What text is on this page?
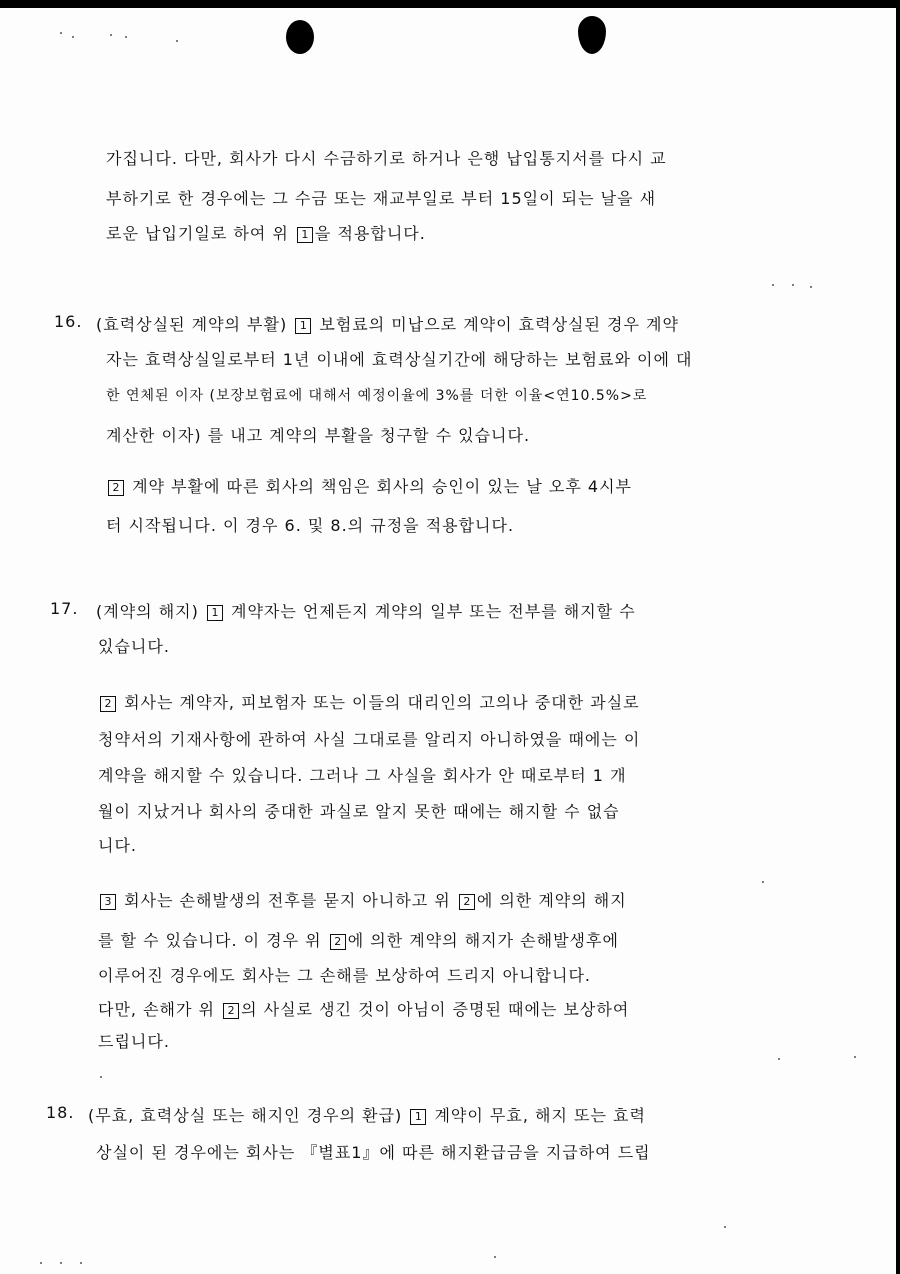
가집니다. 다만, 회사가 다시 수금하기로 하거나 은행 납입통지서를 다시 교
부하기로 한 경우에는 그 수금 또는 재교부일로 부터 15일이 되는 날을 새
로운 납입기일로 하여 위 1 을 적용합니다.
16. (효력상실된 계약의 부활) 1 보험료의 미납으로 계약이 효력상실된 경우 계약
자는 효력상실일로부터 1년 이내에 효력상실기간에 해당하는 보험료와 이에 대
한 연체된 이자 (보장보험료에 대해서 예정이율에 3%를 더한 이율<연10.5%>로
계산한 이자) 를 내고 계약의 부활을 청구할 수 있습니다.
2 계약 부활에 따른 회사의 책임은 회사의 승인이 있는 날 오후 4시부
터 시작됩니다. 이 경우 6. 및 8.의 규정을 적용합니다.
17. (계약의 해지) 1 계약자는 언제든지 계약의 일부 또는 전부를 해지할 수
있습니다.
2 회사는 계약자, 피보험자 또는 이들의 대리인의 고의나 중대한 과실로
청약서의 기재사항에 관하여 사실 그대로를 알리지 아니하였을 때에는 이
계약을 해지할 수 있습니다. 그러나 그 사실을 회사가 안 때로부터 1 개
월이 지났거나 회사의 중대한 과실로 알지 못한 때에는 해지할 수 없습
니다.
3 회사는 손해발생의 전후를 묻지 아니하고 위 2 에 의한 계약의 해지
를 할 수 있습니다. 이 경우 위 2 에 의한 계약의 해지가 손해발생후에
이루어진 경우에도 회사는 그 손해를 보상하여 드리지 아니합니다.
다만, 손해가 위 2 의 사실로 생긴 것이 아님이 증명된 때에는 보상하여
드립니다.
18. (무효, 효력상실 또는 해지인 경우의 환급) 1 계약이 무효, 해지 또는 효력
상실이 된 경우에는 회사는 『별표1』에 따른 해지환급금을 지급하여 드립
